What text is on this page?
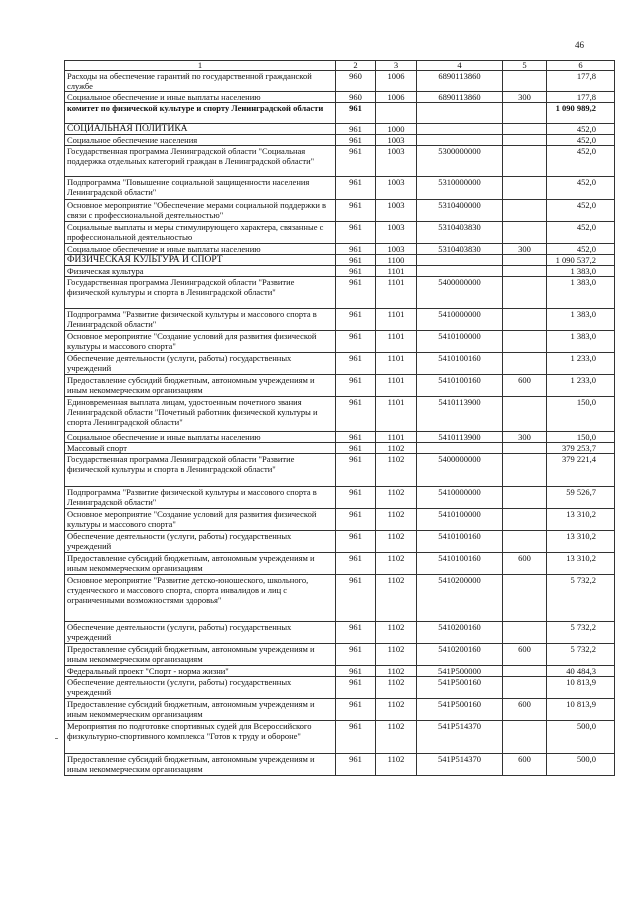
46
1	2	3	4	5	6
Расходы на обеспечение гарантий по государственной гражданской службе	960	1006	6890113860		177,8
Социальное обеспечение и иные выплаты населению	960	1006	6890113860	300	177,8
комитет по физической культуре и спорту Ленинградской области	961				1 090 989,2
СОЦИАЛЬНАЯ ПОЛИТИКА	961	1000			452,0
Социальное обеспечение населения	961	1003			452,0
Государственная программа Ленинградской области "Социальная поддержка отдельных категорий граждан в Ленинградской области"	961	1003	5300000000		452,0
Подпрограмма "Повышение социальной защищенности населения Ленинградской области"	961	1003	5310000000		452,0
Основное мероприятие "Обеспечение мерами социальной поддержки в связи с профессиональной деятельностью"	961	1003	5310400000		452,0
Социальные выплаты и меры стимулирующего характера, связанные с профессиональной деятельностью	961	1003	5310403830		452,0
Социальное обеспечение и иные выплаты населению	961	1003	5310403830	300	452,0
ФИЗИЧЕСКАЯ КУЛЬТУРА И СПОРТ	961	1100			1 090 537,2
Физическая культура	961	1101			1 383,0
Государственная программа Ленинградской области "Развитие физической культуры и спорта в Ленинградской области"	961	1101	5400000000		1 383,0
Подпрограмма "Развитие физической культуры и массового спорта в Ленинградской области"	961	1101	5410000000		1 383,0
Основное мероприятие "Создание условий для развития физической культуры и массового спорта"	961	1101	5410100000		1 383,0
Обеспечение деятельности (услуги, работы) государственных учреждений	961	1101	5410100160		1 233,0
Предоставление субсидий бюджетным, автономным учреждениям и иным некоммерческим организациям	961	1101	5410100160	600	1 233,0
Единовременная выплата лицам, удостоенным почетного звания Ленинградской области "Почетный работник физической культуры и спорта Ленинградской области"	961	1101	5410113900		150,0
Социальное обеспечение и иные выплаты населению	961	1101	5410113900	300	150,0
Массовый спорт	961	1102			379 253,7
Государственная программа Ленинградской области "Развитие физической культуры и спорта в Ленинградской области"	961	1102	5400000000		379 221,4
Подпрограмма "Развитие физической культуры и массового спорта в Ленинградской области"	961	1102	5410000000		59 526,7
Основное мероприятие "Создание условий для развития физической культуры и массового спорта"	961	1102	5410100000		13 310,2
Обеспечение деятельности (услуги, работы) государственных учреждений	961	1102	5410100160		13 310,2
Предоставление субсидий бюджетным, автономным учреждениям и иным некоммерческим организациям	961	1102	5410100160	600	13 310,2
Основное мероприятие "Развитие детско-юношеского, школьного, студенческого и массового спорта, спорта инвалидов и лиц с ограниченными возможностями здоровья"	961	1102	5410200000		5 732,2
Обеспечение деятельности (услуги, работы) государственных учреждений	961	1102	5410200160		5 732,2
Предоставление субсидий бюджетным, автономным учреждениям и иным некоммерческим организациям	961	1102	5410200160	600	5 732,2
Федеральный проект "Спорт - норма жизни"	961	1102	541P500000		40 484,3
Обеспечение деятельности (услуги, работы) государственных учреждений	961	1102	541P500160		10 813,9
Предоставление субсидий бюджетным, автономным учреждениям и иным некоммерческим организациям	961	1102	541P500160	600	10 813,9
Мероприятия по подготовке спортивных судей для Всероссийского физкультурно-спортивного комплекса "Готов к труду и обороне"	961	1102	541P514370		500,0
Предоставление субсидий бюджетным, автономным учреждениям и иным некоммерческим организациям	961	1102	541P514370	600	500,0
